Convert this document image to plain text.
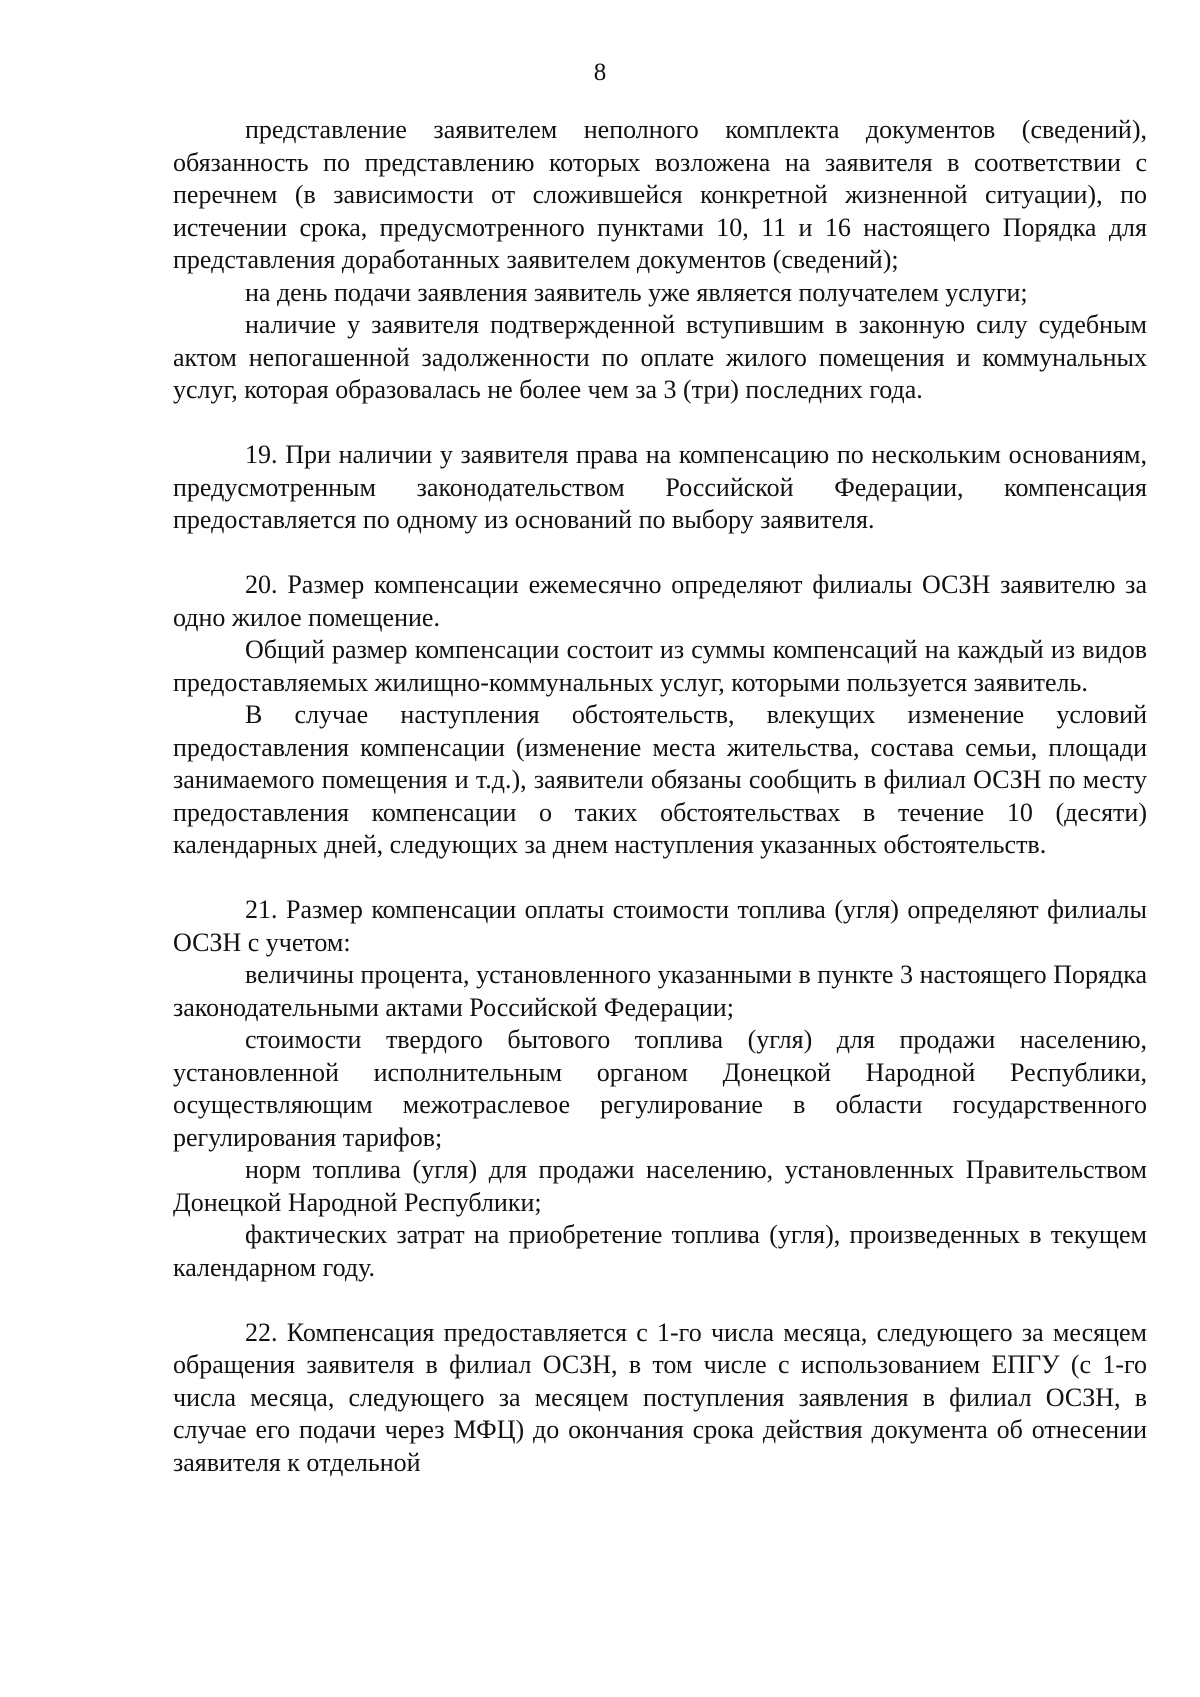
8

представление заявителем неполного комплекта документов (сведений), обязанность по представлению которых возложена на заявителя в соответствии с перечнем (в зависимости от сложившейся конкретной жизненной ситуации), по истечении срока, предусмотренного пунктами 10, 11 и 16 настоящего Порядка для представления доработанных заявителем документов (сведений);

на день подачи заявления заявитель уже является получателем услуги;

наличие у заявителя подтвержденной вступившим в законную силу судебным актом непогашенной задолженности по оплате жилого помещения и коммунальных услуг, которая образовалась не более чем за 3 (три) последних года.

19. При наличии у заявителя права на компенсацию по нескольким основаниям, предусмотренным законодательством Российской Федерации, компенсация предоставляется по одному из оснований по выбору заявителя.

20. Размер компенсации ежемесячно определяют филиалы ОСЗН заявителю за одно жилое помещение.

Общий размер компенсации состоит из суммы компенсаций на каждый из видов предоставляемых жилищно-коммунальных услуг, которыми пользуется заявитель.

В случае наступления обстоятельств, влекущих изменение условий предоставления компенсации (изменение места жительства, состава семьи, площади занимаемого помещения и т.д.), заявители обязаны сообщить в филиал ОСЗН по месту предоставления компенсации о таких обстоятельствах в течение 10 (десяти) календарных дней, следующих за днем наступления указанных обстоятельств.

21. Размер компенсации оплаты стоимости топлива (угля) определяют филиалы ОСЗН с учетом:

величины процента, установленного указанными в пункте 3 настоящего Порядка законодательными актами Российской Федерации;

стоимости твердого бытового топлива (угля) для продажи населению, установленной исполнительным органом Донецкой Народной Республики, осуществляющим межотраслевое регулирование в области государственного регулирования тарифов;

норм топлива (угля) для продажи населению, установленных Правительством Донецкой Народной Республики;

фактических затрат на приобретение топлива (угля), произведенных в текущем календарном году.

22. Компенсация предоставляется с 1-го числа месяца, следующего за месяцем обращения заявителя в филиал ОСЗН, в том числе с использованием ЕПГУ (с 1-го числа месяца, следующего за месяцем поступления заявления в филиал ОСЗН, в случае его подачи через МФЦ) до окончания срока действия документа об отнесении заявителя к отдельной
